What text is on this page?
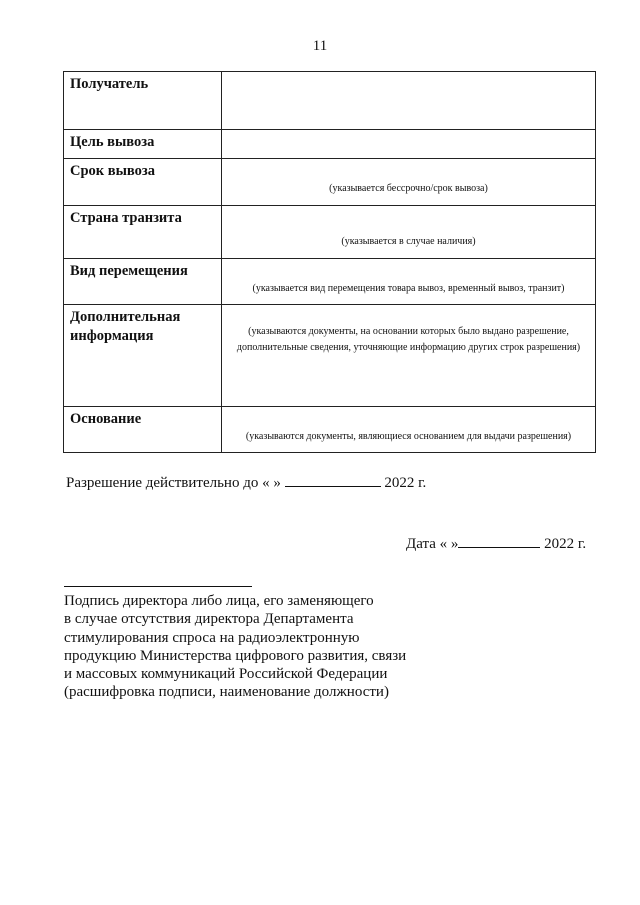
11
Получатель	
Цель вывоза	
Срок вывоза	(указывается бессрочно/срок вывоза)

Страна транзита	(указывается в случае наличия)

Вид перемещения	(указывается вид перемещения товара вывоз, временный вывоз, транзит)

Дополнительная
информация	(указываются документы, на основании которых было выдано разрешение, дополнительные сведения, уточняющие информацию других строк разрешения)

Основание	(указываются документы, являющиеся основанием для выдачи разрешения)
Разрешение действительно до « »	2022 г.
Дата « »	2022 г.
Подпись директора либо лица, его заменяющего
в случае отсутствия директора Департамента
стимулирования спроса на радиоэлектронную
продукцию Министерства цифрового развития, связи
и массовых коммуникаций Российской Федерации
(расшифровка подписи, наименование должности)
